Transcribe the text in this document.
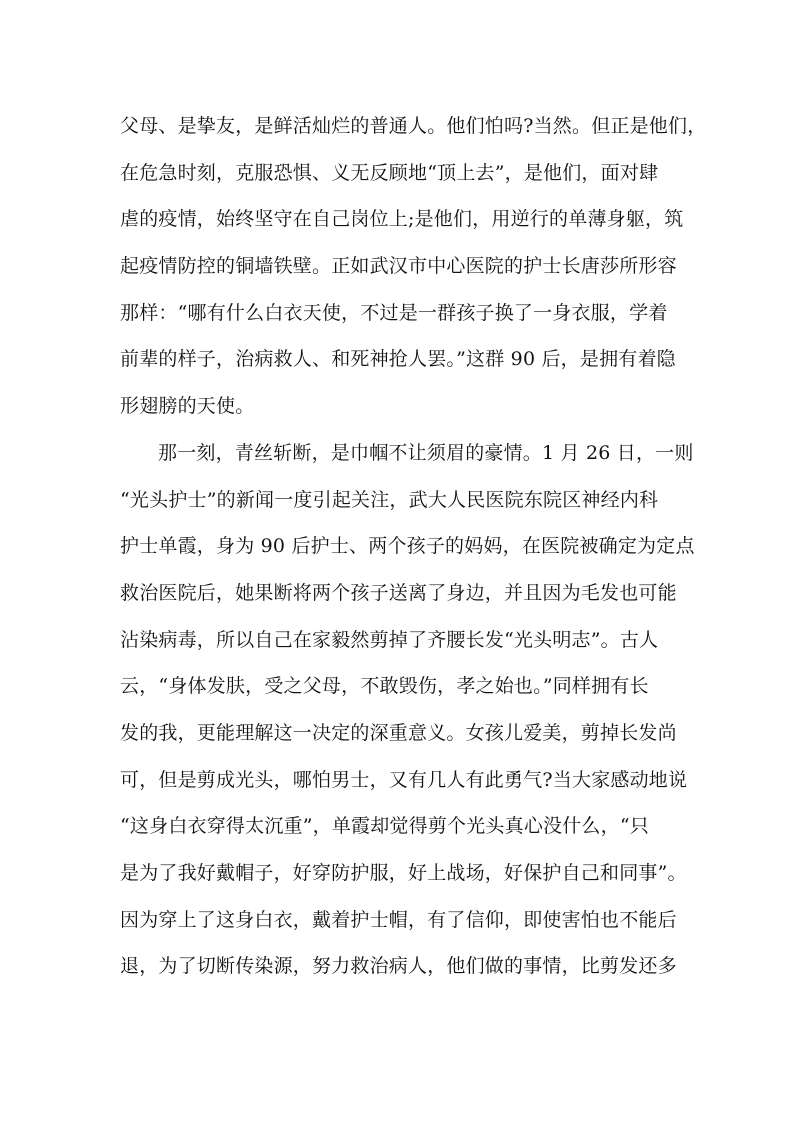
父母、是挚友，是鲜活灿烂的普通人。他们怕吗?当然。但正是他们，
在危急时刻，克服恐惧、义无反顾地“顶上去”，是他们，面对肆
虐的疫情，始终坚守在自己岗位上;是他们，用逆行的单薄身躯，筑
起疫情防控的铜墙铁壁。正如武汉市中心医院的护士长唐莎所形容
那样：“哪有什么白衣天使，不过是一群孩子换了一身衣服，学着
前辈的样子，治病救人、和死神抢人罢。”这群 90 后，是拥有着隐
形翅膀的天使。
那一刻，青丝斩断，是巾帼不让须眉的豪情。1 月 26 日，一则
“光头护士”的新闻一度引起关注，武大人民医院东院区神经内科
护士单霞，身为 90 后护士、两个孩子的妈妈，在医院被确定为定点
救治医院后，她果断将两个孩子送离了身边，并且因为毛发也可能
沾染病毒，所以自己在家毅然剪掉了齐腰长发“光头明志”。古人
云，“身体发肤，受之父母，不敢毁伤，孝之始也。”同样拥有长
发的我，更能理解这一决定的深重意义。女孩儿爱美，剪掉长发尚
可，但是剪成光头，哪怕男士，又有几人有此勇气?当大家感动地说
“这身白衣穿得太沉重”，单霞却觉得剪个光头真心没什么，“只
是为了我好戴帽子，好穿防护服，好上战场，好保护自己和同事”。
因为穿上了这身白衣，戴着护士帽，有了信仰，即使害怕也不能后
退，为了切断传染源，努力救治病人，他们做的事情，比剪发还多
